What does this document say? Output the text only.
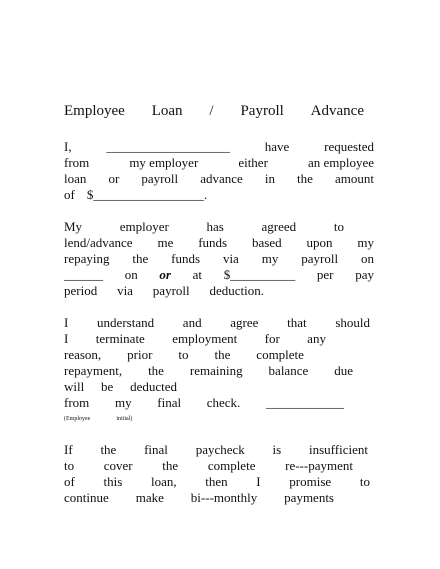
Employee Loan / Payroll Advance
I,	___________________	have	requested
from	my employer	either	an employee
loan or payroll advance in the amount
of $_________________.
My	employer	has	agreed	to
lend/advance me funds based upon my
repaying the funds via my payroll on
______ on or at $__________ per pay
period via payroll deduction.
I understand and agree that should
I terminate employment for any
reason, prior to the complete
repayment, the remaining balance due
will be deducted
from my final check. ____________
(Employee	initial)
If the final paycheck is insufficient
to cover the complete re---payment
of this loan, then I promise to
continue make bi---monthly payments
